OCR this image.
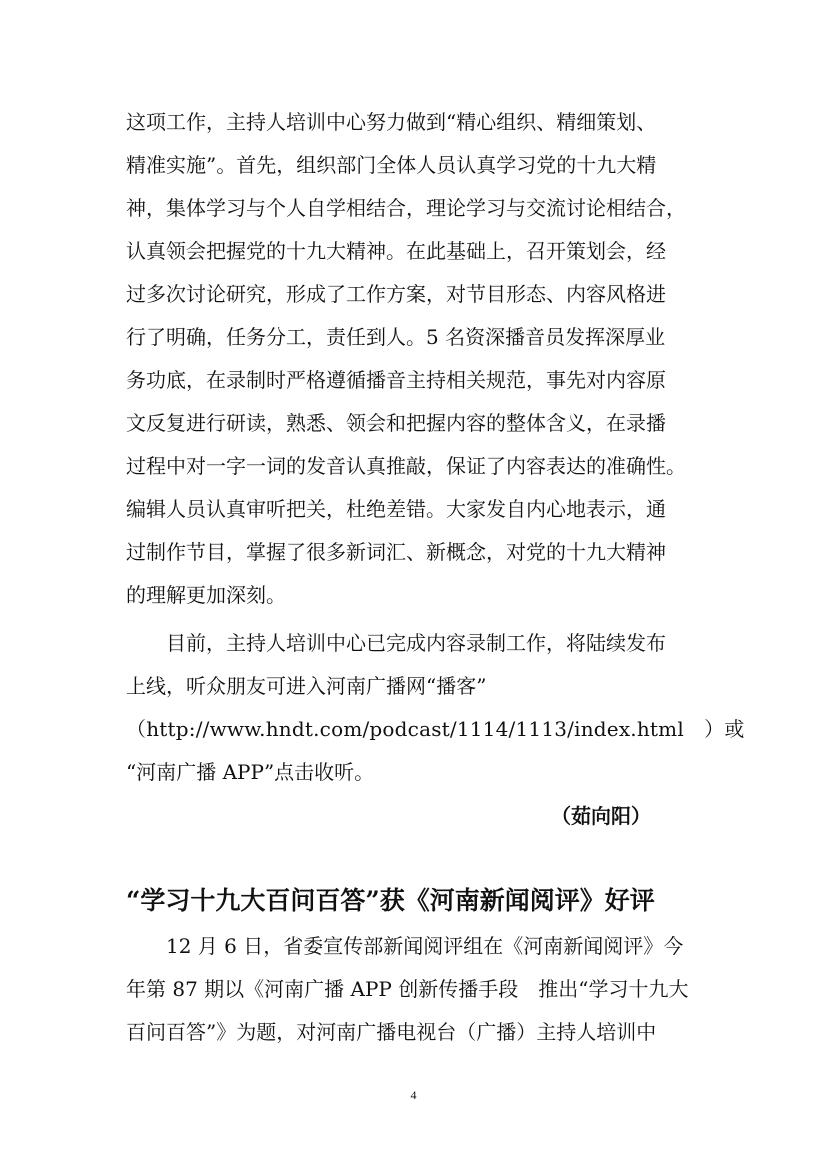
这项工作，主持人培训中心努力做到“精心组织、精细策划、
精准实施”。首先，组织部门全体人员认真学习党的十九大精
神，集体学习与个人自学相结合，理论学习与交流讨论相结合，
认真领会把握党的十九大精神。在此基础上，召开策划会，经
过多次讨论研究，形成了工作方案，对节目形态、内容风格进
行了明确，任务分工，责任到人。5 名资深播音员发挥深厚业
务功底，在录制时严格遵循播音主持相关规范，事先对内容原
文反复进行研读，熟悉、领会和把握内容的整体含义，在录播
过程中对一字一词的发音认真推敲，保证了内容表达的准确性。
编辑人员认真审听把关，杜绝差错。大家发自内心地表示，通
过制作节目，掌握了很多新词汇、新概念，对党的十九大精神
的理解更加深刻。
目前，主持人培训中心已完成内容录制工作，将陆续发布
上线，听众朋友可进入河南广播网“播客”
（http://www.hndt.com/podcast/1114/1113/index.html　）或
“河南广播 APP”点击收听。
（茹向阳）
“学习十九大百问百答”获《河南新闻阅评》好评
12 月 6 日，省委宣传部新闻阅评组在《河南新闻阅评》今
年第 87 期以《河南广播 APP 创新传播手段　推出“学习十九大
百问百答”》为题，对河南广播电视台（广播）主持人培训中
4
